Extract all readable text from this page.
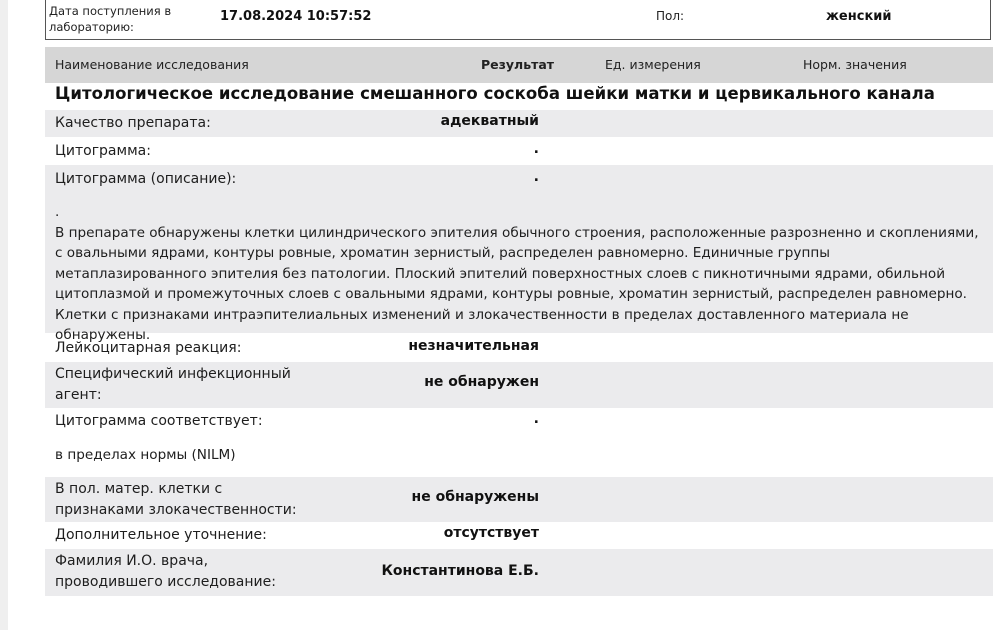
Дата поступления в лабораторию:
17.08.2024 10:57:52	Пол:	женский
Наименование исследования	Результат	Ед. измерения	Норм. значения
Цитологическое исследование смешанного соскоба шейки матки и цервикального канала
Качество препарата:	адекватный
Цитограмма:	.
Цитограмма (описание):	.

.

В препарате обнаружены клетки цилиндрического эпителия обычного строения, расположенные разрозненно и скоплениями, с овальными ядрами, контуры ровные, хроматин зернистый, распределен равномерно. Единичные группы метаплазированного эпителия без патологии. Плоский эпителий поверхностных слоев с пикнотичными ядрами, обильной цитоплазмой и промежуточных слоев с овальными ядрами, контуры ровные, хроматин зернистый, распределен равномерно.

Клетки с признаками интраэпителиальных изменений и злокачественности в пределах доставленного материала не обнаружены.

Лейкоцитарная реакция:	незначительная
Специфический инфекционный агент:
не обнаружен
Цитограмма соответствует:	.
в пределах нормы (NILM)
В пол. матер. клетки с признаками злокачественности:
не обнаружены
Дополнительное уточнение:	отсутствует
Фамилия И.О. врача, проводившего исследование:
Константинова Е.Б.
